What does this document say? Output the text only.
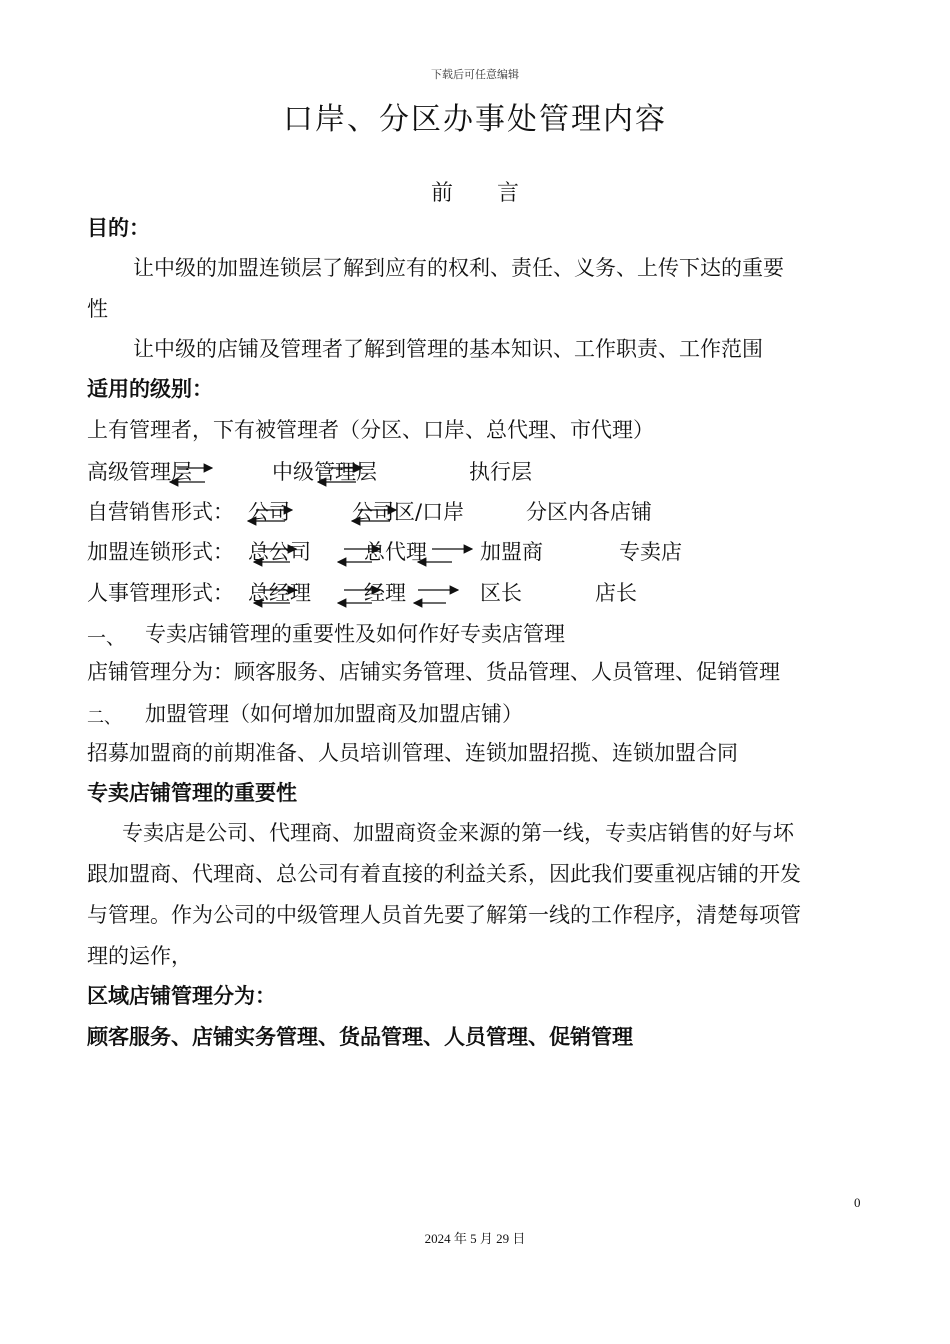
下载后可任意编辑
口岸、分区办事处管理内容
前　　言
目的：
让中级的加盟连锁层了解到应有的权利、责任、义务、上传下达的重要
性
让中级的店铺及管理者了解到管理的基本知识、工作职责、工作范围
适用的级别：
上有管理者，下有被管理者（分区、口岸、总代理、市代理）
高级管理层	中级管理层	执行层
自营销售形式： 公司	公司区/口岸	分区内各店铺
加盟连锁形式： 总公司	总代理	加盟商	专卖店
人事管理形式： 总经理	经理	区长	店长
一、 专卖店铺管理的重要性及如何作好专卖店管理
店铺管理分为：顾客服务、店铺实务管理、货品管理、人员管理、促销管理
二、 加盟管理（如何增加加盟商及加盟店铺）
招募加盟商的前期准备、人员培训管理、连锁加盟招揽、连锁加盟合同
专卖店铺管理的重要性
专卖店是公司、代理商、加盟商资金来源的第一线，专卖店销售的好与坏
跟加盟商、代理商、总公司有着直接的利益关系，因此我们要重视店铺的开发
与管理。作为公司的中级管理人员首先要了解第一线的工作程序，清楚每项管
理的运作，
区域店铺管理分为：
顾客服务、店铺实务管理、货品管理、人员管理、促销管理
0
2024 年 5 月 29 日
